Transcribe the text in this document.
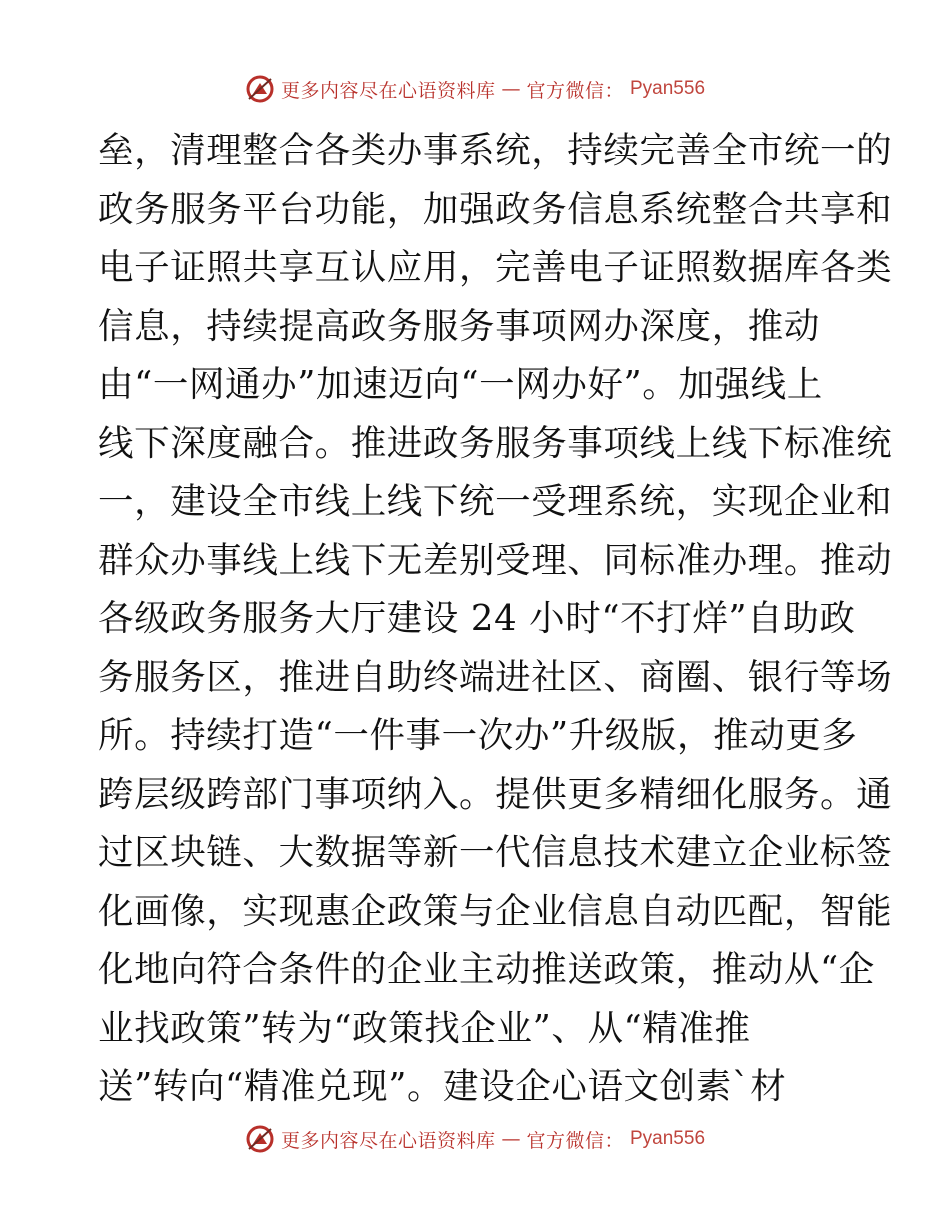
更多内容尽在心语资料库 — 官方微信： Pyan556
垒，清理整合各类办事系统，持续完善全市统一的
政务服务平台功能，加强政务信息系统整合共享和
电子证照共享互认应用，完善电子证照数据库各类
信息，持续提高政务服务事项网办深度，推动
由“一网通办”加速迈向“一网办好”。加强线上
线下深度融合。推进政务服务事项线上线下标准统
一，建设全市线上线下统一受理系统，实现企业和
群众办事线上线下无差别受理、同标准办理。推动
各级政务服务大厅建设 24 小时“不打烊”自助政
务服务区，推进自助终端进社区、商圈、银行等场
所。持续打造“一件事一次办”升级版，推动更多
跨层级跨部门事项纳入。提供更多精细化服务。通
过区块链、大数据等新一代信息技术建立企业标签
化画像，实现惠企政策与企业信息自动匹配，智能
化地向符合条件的企业主动推送政策，推动从“企
业找政策”转为“政策找企业”、从“精准推
送”转向“精准兑现”。建设企心语文创素`材
更多内容尽在心语资料库 — 官方微信： Pyan556
